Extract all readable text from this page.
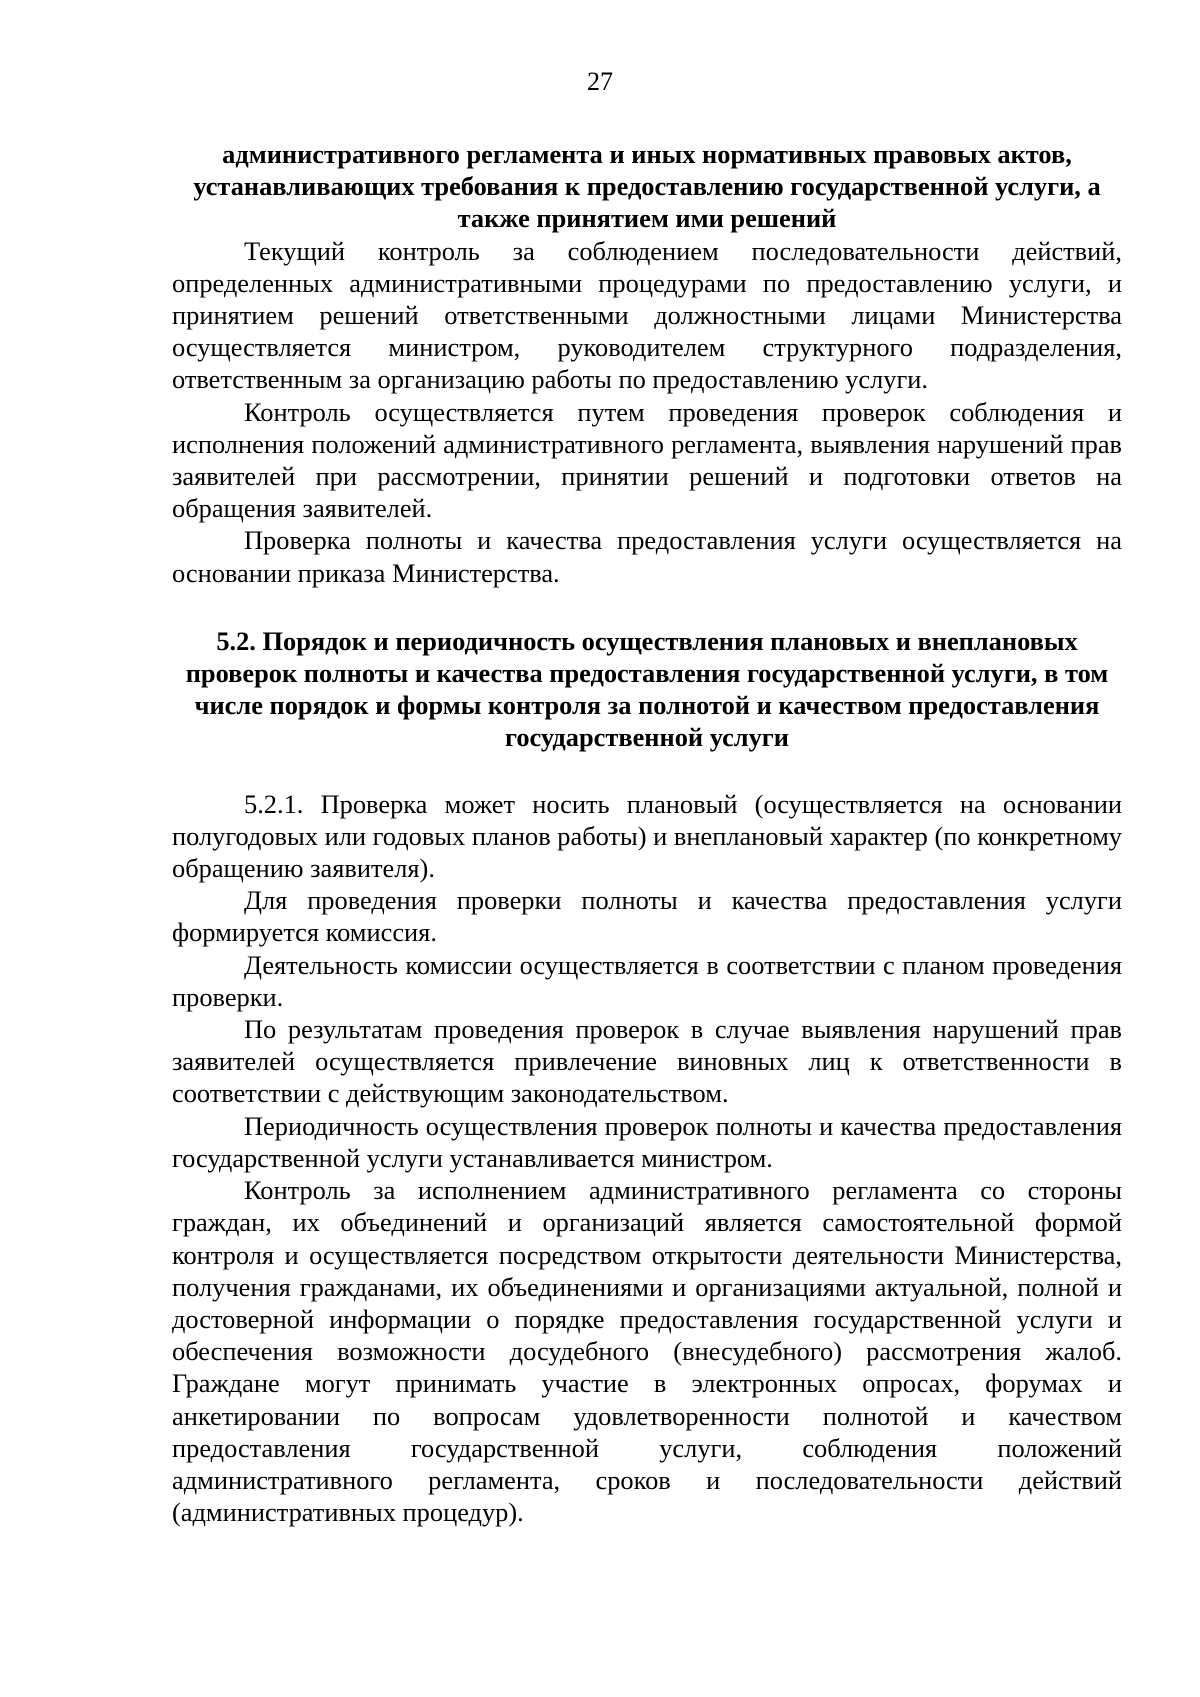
27

административного регламента и иных нормативных правовых актов, устанавливающих требования к предоставлению государственной услуги, а также принятием ими решений

Текущий контроль за соблюдением последовательности действий, определенных административными процедурами по предоставлению услуги, и принятием решений ответственными должностными лицами Министерства осуществляется министром, руководителем структурного подразделения, ответственным за организацию работы по предоставлению услуги.

Контроль осуществляется путем проведения проверок соблюдения и исполнения положений административного регламента, выявления нарушений прав заявителей при рассмотрении, принятии решений и подготовки ответов на обращения заявителей.

Проверка полноты и качества предоставления услуги осуществляется на основании приказа Министерства.

5.2. Порядок и периодичность осуществления плановых и внеплановых проверок полноты и качества предоставления государственной услуги, в том числе порядок и формы контроля за полнотой и качеством предоставления государственной услуги

5.2.1. Проверка может носить плановый (осуществляется на основании полугодовых или годовых планов работы) и внеплановый характер (по конкретному обращению заявителя).

Для проведения проверки полноты и качества предоставления услуги формируется комиссия.

Деятельность комиссии осуществляется в соответствии с планом проведения проверки.

По результатам проведения проверок в случае выявления нарушений прав заявителей осуществляется привлечение виновных лиц к ответственности в соответствии с действующим законодательством.

Периодичность осуществления проверок полноты и качества предоставления государственной услуги устанавливается министром.

Контроль за исполнением административного регламента со стороны граждан, их объединений и организаций является самостоятельной формой контроля и осуществляется посредством открытости деятельности Министерства, получения гражданами, их объединениями и организациями актуальной, полной и достоверной информации о порядке предоставления государственной услуги и обеспечения возможности досудебного (внесудебного) рассмотрения жалоб. Граждане могут принимать участие в электронных опросах, форумах и анкетировании по вопросам удовлетворенности полнотой и качеством предоставления государственной услуги, соблюдения положений административного регламента, сроков и последовательности действий (административных процедур).
